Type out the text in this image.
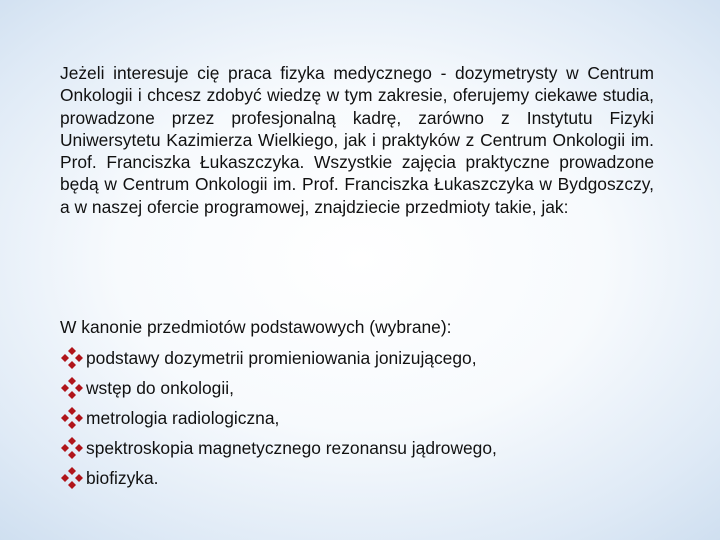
Jeżeli interesuje cię praca fizyka medycznego - dozymetrysty w Centrum Onkologii i chcesz zdobyć wiedzę w tym zakresie, oferujemy ciekawe studia, prowadzone przez profesjonalną kadrę, zarówno z Instytutu Fizyki Uniwersytetu Kazimierza Wielkiego, jak i praktyków z Centrum Onkologii im. Prof. Franciszka Łukaszczyka. Wszystkie zajęcia praktyczne prowadzone będą w Centrum Onkologii im. Prof. Franciszka Łukaszczyka w Bydgoszczy, a w naszej ofercie programowej, znajdziecie przedmioty takie, jak:

W kanonie przedmiotów podstawowych (wybrane):

podstawy dozymetrii promieniowania jonizującego,
wstęp do onkologii,
metrologia radiologiczna,
spektroskopia magnetycznego rezonansu jądrowego,
biofizyka.
